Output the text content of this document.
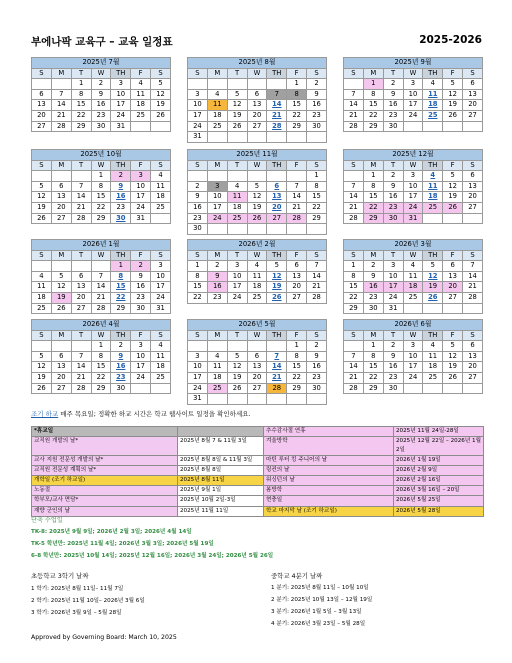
부에나팍 교육구 – 교육 일정표	2025-2026
2025년 7월						
S	M	T	W	TH	F	S
		1	2	3	4	5
6	7	8	9	10	11	12
13	14	15	16	17	18	19
20	21	22	23	24	25	26
27	28	29	30	31		
2025년 8월						
S	M	T	W	TH	F	S
					1	2
3	4	5	6	7	8	9
10	11	12	13	14	15	16
17	18	19	20	21	22	23
24	25	26	27	28	29	30
31						
2025년 9월						
S	M	T	W	TH	F	S
	1	2	3	4	5	6
7	8	9	10	11	12	13
14	15	16	17	18	19	20
21	22	23	24	25	26	27
28	29	30				
2025년 10월						
S	M	T	W	TH	F	S
			1	2	3	4
5	6	7	8	9	10	11
12	13	14	15	16	17	18
19	20	21	22	23	24	25
26	27	28	29	30	31	
2025년 11월						
S	M	T	W	TH	F	S
						1
2	3	4	5	6	7	8
9	10	11	12	13	14	15
16	17	18	19	20	21	22
23	24	25	26	27	28	29
30						
2025년 12월						
S	M	T	W	TH	F	S
	1	2	3	4	5	6
7	8	9	10	11	12	13
14	15	16	17	18	19	20
21	22	23	24	25	26	27
28	29	30	31			
2026년 1월						
S	M	T	W	TH	F	S
				1	2	3
4	5	6	7	8	9	10
11	12	13	14	15	16	17
18	19	20	21	22	23	24
25	26	27	28	29	30	31
2026년 2월						
S	M	T	W	TH	F	S
1	2	3	4	5	6	7
8	9	10	11	12	13	14
15	16	17	18	19	20	21
22	23	24	25	26	27	28
2026년 3월						
S	M	T	W	TH	F	S
1	2	3	4	5	6	7
8	9	10	11	12	13	14
15	16	17	18	19	20	21
22	23	24	25	26	27	28
29	30	31				
2026년 4월						
S	M	T	W	TH	F	S
			1	2	3	4
5	6	7	8	9	10	11
12	13	14	15	16	17	18
19	20	21	22	23	24	25
26	27	28	29	30		
2026년 5월						
S	M	T	W	TH	F	S
					1	2
3	4	5	6	7	8	9
10	11	12	13	14	15	16
17	18	19	20	21	22	23
24	25	26	27	28	29	30
31						
2026년 6월						
S	M	T	W	TH	F	S
	1	2	3	4	5	6
7	8	9	10	11	12	13
14	15	16	17	18	19	20
21	22	23	24	25	26	27
28	29	30				
조기 하교 매주 목요일; 정확한 하교 시간은 학교 웹사이트 일정을 확인하세요.
*휴교일		추수감사절 연휴	2025년 11월 24일-28일
교직원 개발의 날*	2025년 8월 7 & 11월 3일	겨울방학	2025년 12월 22일 – 2026년 1월 2일
교사 지원 전문성 개발의 날*	2025년 8월 8일 & 11월 3일	마틴 루터 킹 주니어의 날	2026년 1월 19일
교직원 전문성 계획의 날*	2025년 8월 8일	링컨의 날	2026년 2월 9일
개학일 (조기 하교일)	2025년 8월 11일	워싱턴의 날	2026년 2월 16일
노동절	2025년 9월 1일	봄방학	2026년 3월 16일 – 20일
학부모/교사 면담*	2025년 10월 2일-3일	현충일	2026년 5월 25일
재향 군인의 날	2025년 11월 11일	학교 마지막 날 (조기 하교일)	2026년 5월 28일
단축 수업일
TK-8: 2025년 9월 9일; 2026년 2월 3일; 2026년 4월 14일
TK-5 학년만: 2025년 11월 4일; 2026년 3월 3일; 2026년 5월 19일
6-8 학년만: 2025년 10월 14일; 2025년 12월 16일; 2026년 3월 24일; 2026년 5월 26일
초등학교 3학기 날짜
1 학기: 2025년 8월 11일– 11월 7일
2 학기: 2025년 11월 10일– 2026년 3월 6일
3 학기: 2026년 3월 9일 – 5월 28일
중학교 4분기 날짜
1 분기: 2025년 8월 11일 – 10월 10일
2 분기: 2025년 10월 13일 – 12월 19일
3 분기: 2026년 1월 5일 – 3월 13일
4 분기: 2026년 3월 23일 – 5월 28일
Approved by Governing Board: March 10, 2025
